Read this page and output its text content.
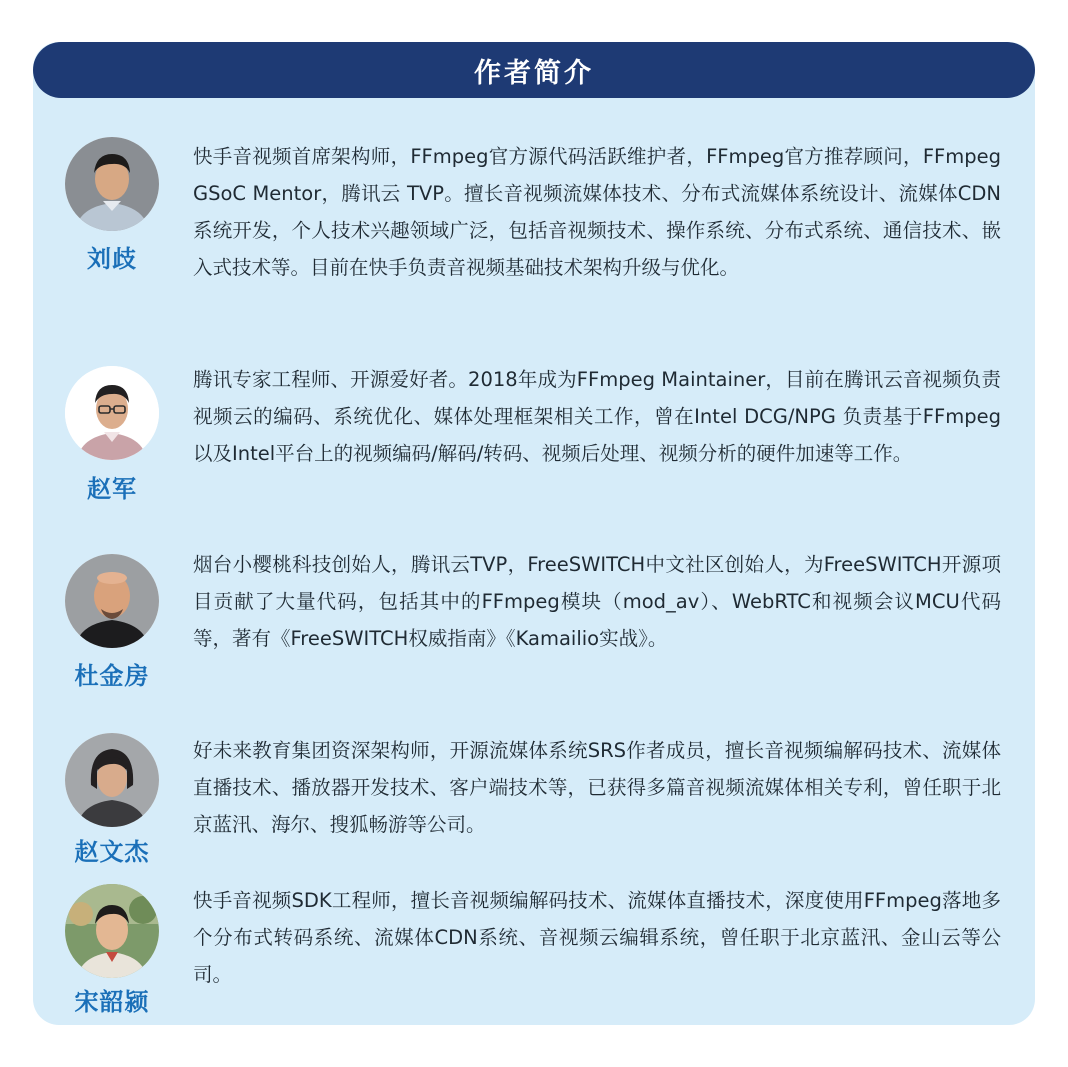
作者简介
刘歧

快手音视频首席架构师，FFmpeg官方源代码活跃维护者，FFmpeg官方推荐顾问，FFmpeg GSoC Mentor，腾讯云 TVP。擅长音视频流媒体技术、分布式流媒体系统设计、流媒体CDN系统开发，个人技术兴趣领域广泛，包括音视频技术、操作系统、分布式系统、通信技术、嵌入式技术等。目前在快手负责音视频基础技术架构升级与优化。

赵军

腾讯专家工程师、开源爱好者。2018年成为FFmpeg Maintainer，目前在腾讯云音视频负责视频云的编码、系统优化、媒体处理框架相关工作，曾在Intel DCG/NPG 负责基于FFmpeg以及Intel平台上的视频编码/解码/转码、视频后处理、视频分析的硬件加速等工作。

杜金房

烟台小樱桃科技创始人，腾讯云TVP，FreeSWITCH中文社区创始人，为FreeSWITCH开源项目贡献了大量代码，包括其中的FFmpeg模块（mod_av）、WebRTC和视频会议MCU代码等，著有《FreeSWITCH权威指南》《Kamailio实战》。

赵文杰

好未来教育集团资深架构师，开源流媒体系统SRS作者成员，擅长音视频编解码技术、流媒体直播技术、播放器开发技术、客户端技术等，已获得多篇音视频流媒体相关专利，曾任职于北京蓝汛、海尔、搜狐畅游等公司。

宋韶颍

快手音视频SDK工程师，擅长音视频编解码技术、流媒体直播技术，深度使用FFmpeg落地多个分布式转码系统、流媒体CDN系统、音视频云编辑系统，曾任职于北京蓝汛、金山云等公司。
